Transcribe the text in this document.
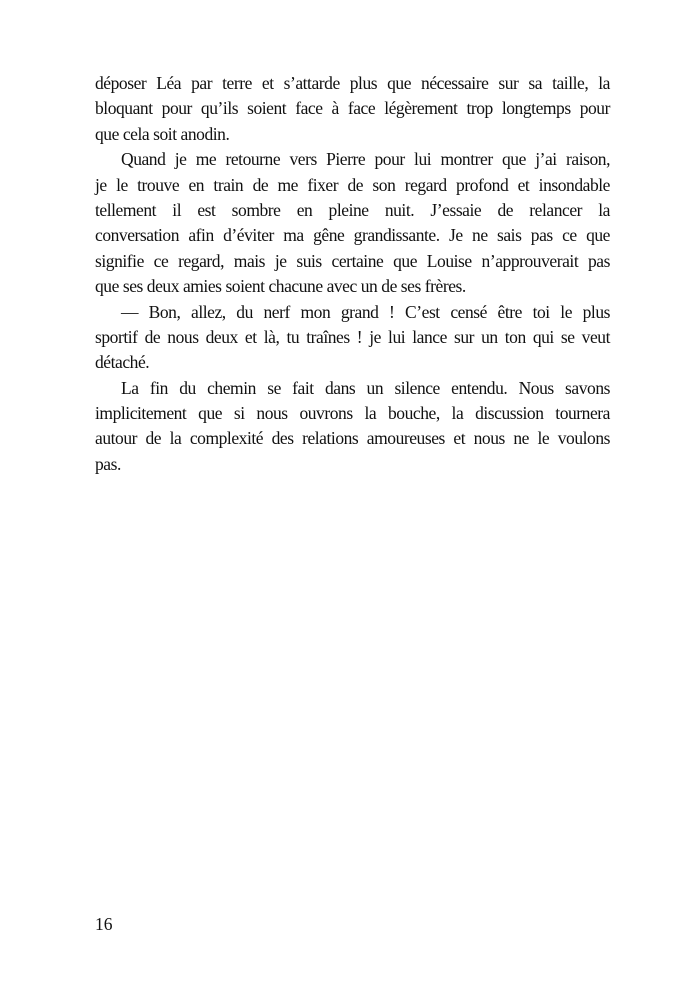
déposer Léa par terre et s’attarde plus que nécessaire sur sa taille, la
bloquant pour qu’ils soient face à face légèrement trop longtemps pour
que cela soit anodin.
Quand je me retourne vers Pierre pour lui montrer que j’ai raison,
je le trouve en train de me fixer de son regard profond et insondable
tellement il est sombre en pleine nuit. J’essaie de relancer la
conversation afin d’éviter ma gêne grandissante. Je ne sais pas ce que
signifie ce regard, mais je suis certaine que Louise n’approuverait pas
que ses deux amies soient chacune avec un de ses frères.
— Bon, allez, du nerf mon grand ! C’est censé être toi le plus
sportif de nous deux et là, tu traînes ! je lui lance sur un ton qui se veut
détaché.
La fin du chemin se fait dans un silence entendu. Nous savons
implicitement que si nous ouvrons la bouche, la discussion tournera
autour de la complexité des relations amoureuses et nous ne le voulons
pas.
16
